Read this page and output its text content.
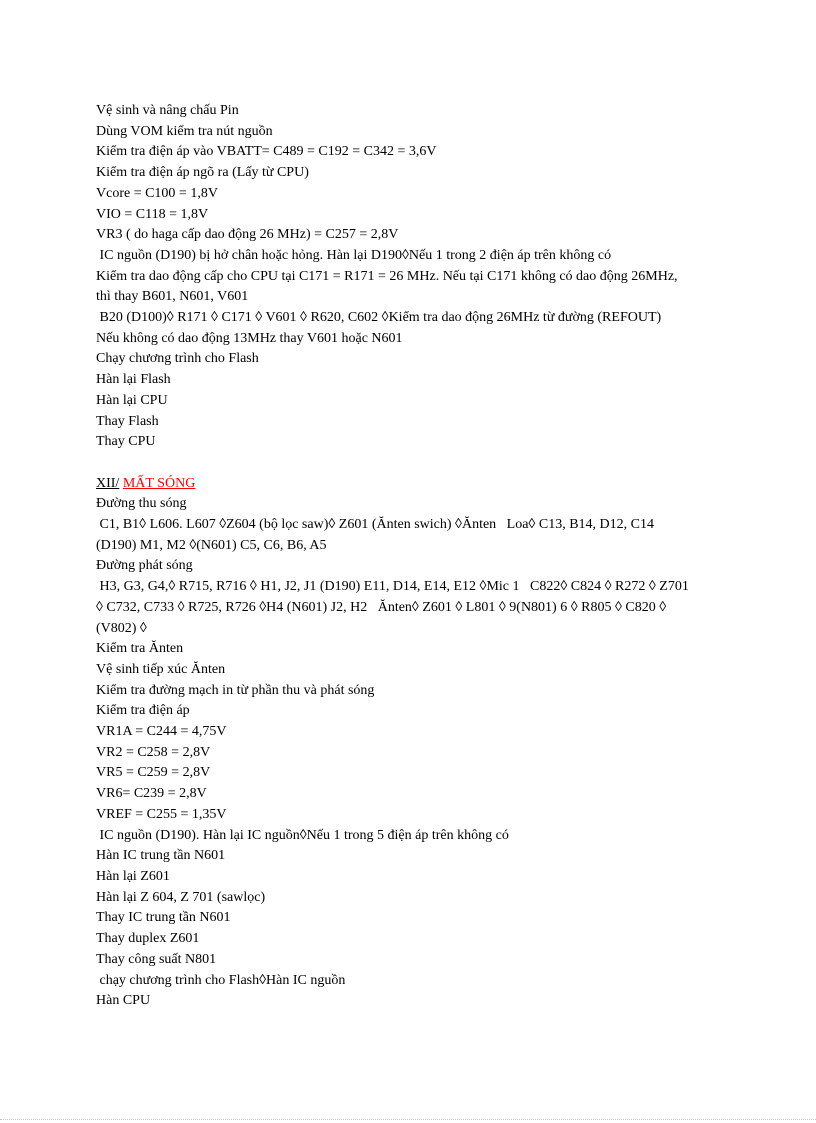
Vệ sinh và nâng chấu Pin
Dùng VOM kiểm tra nút nguồn
Kiểm tra điện áp vào VBATT= C489 = C192 = C342 = 3,6V
Kiểm tra điện áp ngõ ra (Lấy từ CPU)
Vcore = C100 = 1,8V
VIO = C118 = 1,8V
VR3 ( do haga cấp dao động 26 MHz) = C257 = 2,8V
IC nguồn (D190) bị hở chân hoặc hỏng. Hàn lại D190◊Nếu 1 trong 2 điện áp trên không có
Kiểm tra dao động cấp cho CPU tại C171 = R171 = 26 MHz. Nếu tại C171 không có dao động 26MHz,
thì thay B601, N601, V601
B20 (D100)◊ R171 ◊ C171 ◊ V601 ◊ R620, C602 ◊Kiểm tra dao động 26MHz từ đường (REFOUT)
Nếu không có dao động 13MHz thay V601 hoặc N601
Chạy chương trình cho Flash
Hàn lại Flash
Hàn lại CPU
Thay Flash
Thay CPU
XII/ MẤT SÓNG
Đường thu sóng
C1, B1◊ L606. L607 ◊Z604 (bộ lọc saw)◊ Z601 (Ănten swich) ◊Ănten   Loa◊ C13, B14, D12, C14
(D190) M1, M2 ◊(N601) C5, C6, B6, A5
Đường phát sóng
H3, G3, G4,◊ R715, R716 ◊ H1, J2, J1 (D190) E11, D14, E14, E12 ◊Mic 1   C822◊ C824 ◊ R272 ◊ Z701
◊ C732, C733 ◊ R725, R726 ◊H4 (N601) J2, H2   Ănten◊ Z601 ◊ L801 ◊ 9(N801) 6 ◊ R805 ◊ C820 ◊
(V802) ◊
Kiểm tra Ănten
Vệ sinh tiếp xúc Ănten
Kiểm tra đường mạch in từ phần thu và phát sóng
Kiểm tra điện áp
VR1A = C244 = 4,75V
VR2 = C258 = 2,8V
VR5 = C259 = 2,8V
VR6= C239 = 2,8V
VREF = C255 = 1,35V
IC nguồn (D190). Hàn lại IC nguồn◊Nếu 1 trong 5 điện áp trên không có
Hàn IC trung tần N601
Hàn lại Z601
Hàn lại Z 604, Z 701 (sawlọc)
Thay IC trung tần N601
Thay duplex Z601
Thay công suất N801
chạy chương trình cho Flash◊Hàn IC nguồn
Hàn CPU
